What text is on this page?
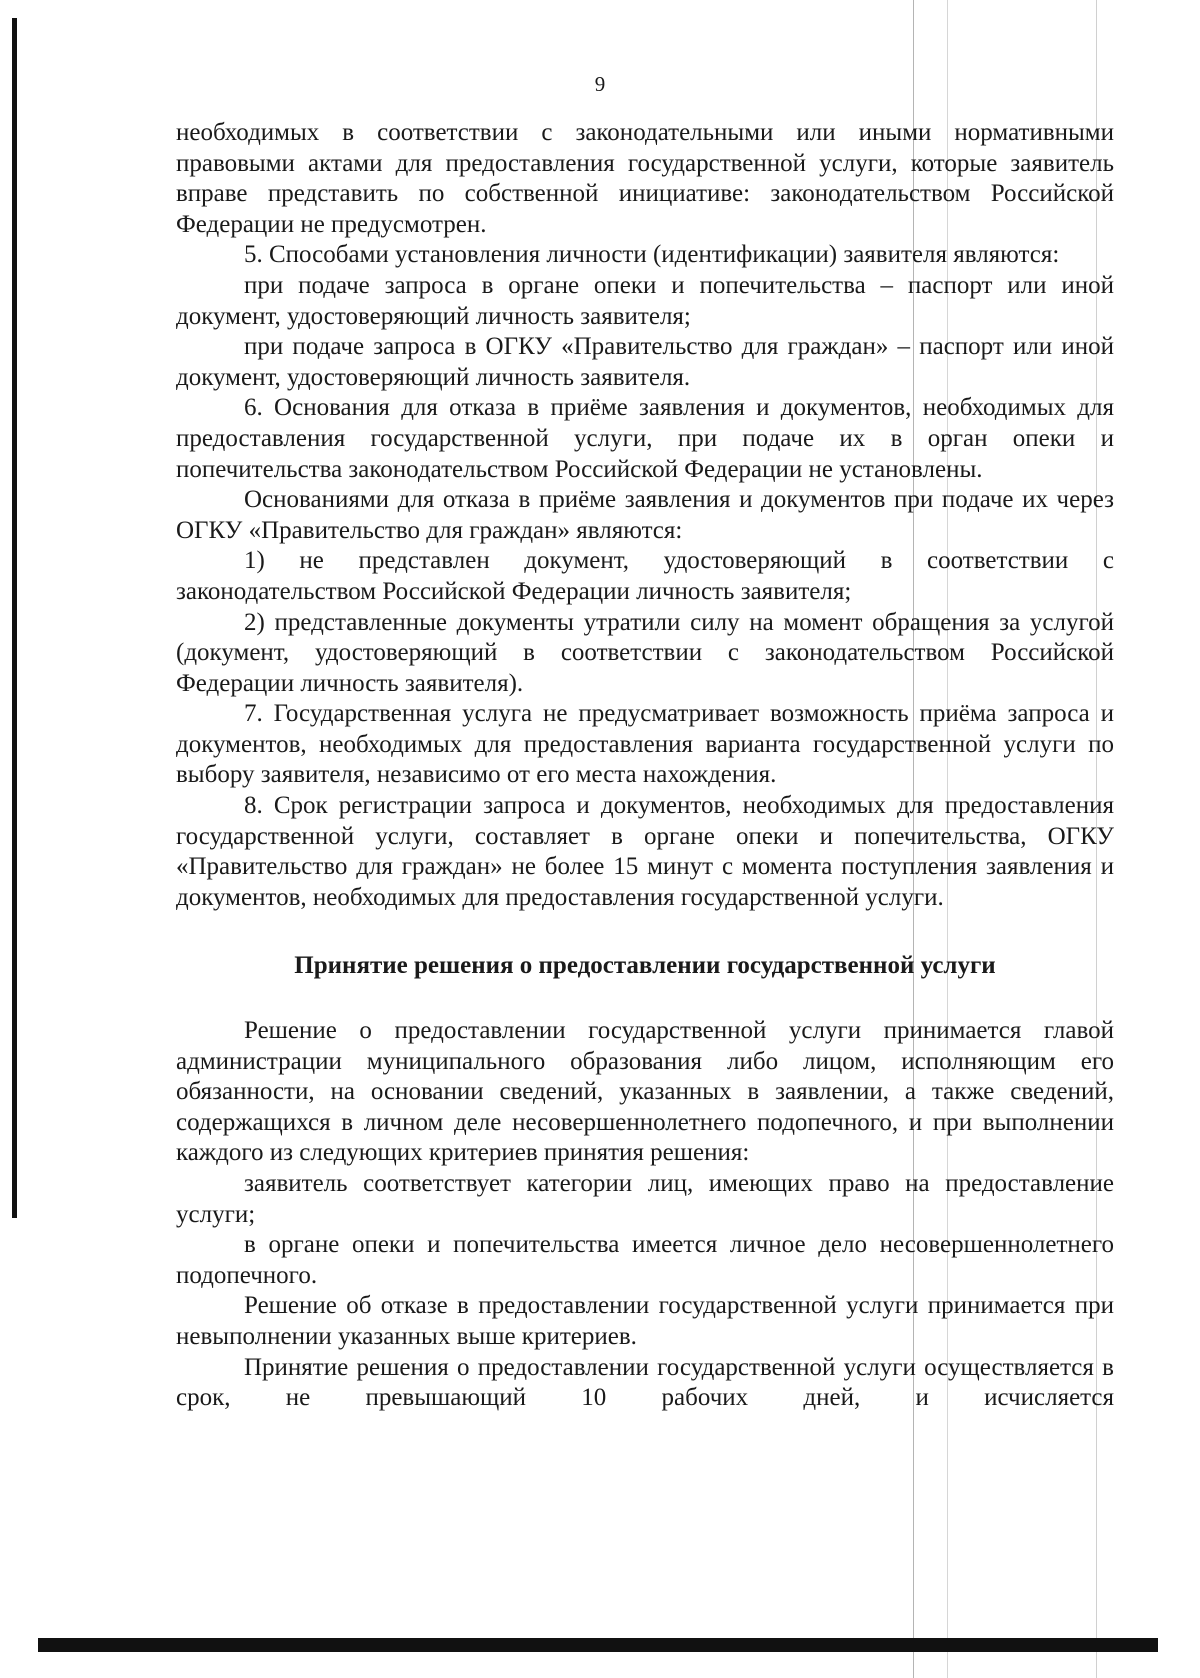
9

необходимых в соответствии с законодательными или иными нормативными правовыми актами для предоставления государственной услуги, которые заявитель вправе представить по собственной инициативе: законодательством Российской Федерации не предусмотрен.

5. Способами установления личности (идентификации) заявителя являются:

при подаче запроса в органе опеки и попечительства – паспорт или иной документ, удостоверяющий личность заявителя;

при подаче запроса в ОГКУ «Правительство для граждан» – паспорт или иной документ, удостоверяющий личность заявителя.

6. Основания для отказа в приёме заявления и документов, необходимых для предоставления государственной услуги, при подаче их в орган опеки и попечительства законодательством Российской Федерации не установлены.

Основаниями для отказа в приёме заявления и документов при подаче их через ОГКУ «Правительство для граждан» являются:

1) не представлен документ, удостоверяющий в соответствии с законодательством Российской Федерации личность заявителя;

2) представленные документы утратили силу на момент обращения за услугой (документ, удостоверяющий в соответствии с законодательством Российской Федерации личность заявителя).

7. Государственная услуга не предусматривает возможность приёма запроса и документов, необходимых для предоставления варианта государственной услуги по выбору заявителя, независимо от его места нахождения.

8. Срок регистрации запроса и документов, необходимых для предоставления государственной услуги, составляет в органе опеки и попечительства, ОГКУ «Правительство для граждан» не более 15 минут с момента поступления заявления и документов, необходимых для предоставления государственной услуги.

Принятие решения о предоставлении государственной услуги

Решение о предоставлении государственной услуги принимается главой администрации муниципального образования либо лицом, исполняющим его обязанности, на основании сведений, указанных в заявлении, а также сведений, содержащихся в личном деле несовершеннолетнего подопечного, и при выполнении каждого из следующих критериев принятия решения:

заявитель соответствует категории лиц, имеющих право на предоставление услуги;

в органе опеки и попечительства имеется личное дело несовершеннолетнего подопечного.

Решение об отказе в предоставлении государственной услуги принимается при невыполнении указанных выше критериев.

Принятие решения о предоставлении государственной услуги осуществляется в срок, не превышающий 10 рабочих дней, и исчисляется
